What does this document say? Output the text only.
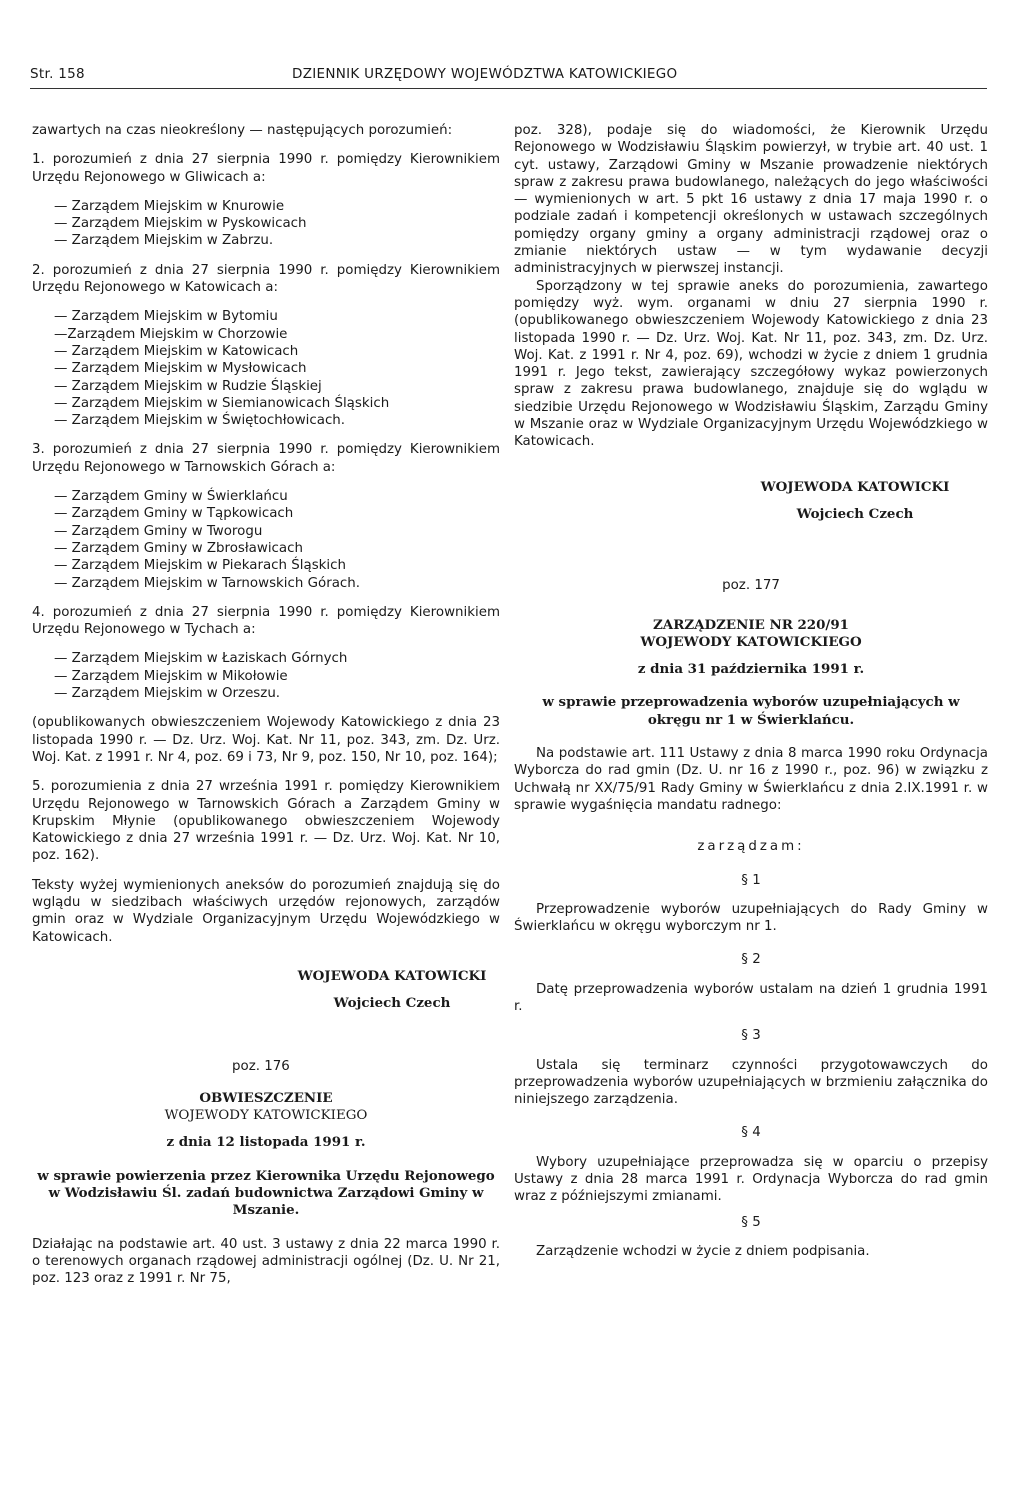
Str. 158	DZIENNIK URZĘDOWY WOJEWÓDZTWA KATOWICKIEGO

zawartych na czas nieokreślony — następujących porozumień:

1. porozumień z dnia 27 sierpnia 1990 r. pomiędzy Kierownikiem Urzędu Rejonowego w Gliwicach a:

— Zarządem Miejskim w Knurowie
— Zarządem Miejskim w Pyskowicach
— Zarządem Miejskim w Zabrzu.

2. porozumień z dnia 27 sierpnia 1990 r. pomiędzy Kierownikiem Urzędu Rejonowego w Katowicach a:

— Zarządem Miejskim w Bytomiu
—Zarządem Miejskim w Chorzowie
— Zarządem Miejskim w Katowicach
— Zarządem Miejskim w Mysłowicach
— Zarządem Miejskim w Rudzie Śląskiej
— Zarządem Miejskim w Siemianowicach Śląskich
— Zarządem Miejskim w Świętochłowicach.

3. porozumień z dnia 27 sierpnia 1990 r. pomiędzy Kierownikiem Urzędu Rejonowego w Tarnowskich Górach a:

— Zarządem Gminy w Świerklańcu
— Zarządem Gminy w Tąpkowicach
— Zarządem Gminy w Tworogu
— Zarządem Gminy w Zbrosławicach
— Zarządem Miejskim w Piekarach Śląskich
— Zarządem Miejskim w Tarnowskich Górach.

4. porozumień z dnia 27 sierpnia 1990 r. pomiędzy Kierownikiem Urzędu Rejonowego w Tychach a:

— Zarządem Miejskim w Łaziskach Górnych
— Zarządem Miejskim w Mikołowie
— Zarządem Miejskim w Orzeszu.

(opublikowanych obwieszczeniem Wojewody Katowickiego z dnia 23 listopada 1990 r. — Dz. Urz. Woj. Kat. Nr 11, poz. 343, zm. Dz. Urz. Woj. Kat. z 1991 r. Nr 4, poz. 69 i 73, Nr 9, poz. 150, Nr 10, poz. 164);

5. porozumienia z dnia 27 września 1991 r. pomiędzy Kierownikiem Urzędu Rejonowego w Tarnowskich Górach a Zarządem Gminy w Krupskim Młynie (opublikowanego obwieszczeniem Wojewody Katowickiego z dnia 27 września 1991 r. — Dz. Urz. Woj. Kat. Nr 10, poz. 162).

Teksty wyżej wymienionych aneksów do porozumień znajdują się do wglądu w siedzibach właściwych urzędów rejonowych, zarządów gmin oraz w Wydziale Organizacyjnym Urzędu Wojewódzkiego w Katowicach.

WOJEWODA KATOWICKI
Wojciech Czech
poz. 176
OBWIESZCZENIE
WOJEWODY KATOWICKIEGO
z dnia 12 listopada 1991 r.

w sprawie powierzenia przez Kierownika Urzędu Rejonowego w Wodzisławiu Śl. zadań budownictwa Zarządowi Gminy w Mszanie.

Działając na podstawie art. 40 ust. 3 ustawy z dnia 22 marca 1990 r. o terenowych organach rządowej administracji ogólnej (Dz. U. Nr 21, poz. 123 oraz z 1991 r. Nr 75,

poz. 328), podaje się do wiadomości, że Kierownik Urzędu Rejonowego w Wodzisławiu Śląskim powierzył, w trybie art. 40 ust. 1 cyt. ustawy, Zarządowi Gminy w Mszanie prowadzenie niektórych spraw z zakresu prawa budowlanego, należących do jego właściwości — wymienionych w art. 5 pkt 16 ustawy z dnia 17 maja 1990 r. o podziale zadań i kompetencji określonych w ustawach szczególnych pomiędzy organy gminy a organy administracji rządowej oraz o zmianie niektórych ustaw — w tym wydawanie decyzji administracyjnych w pierwszej instancji.

Sporządzony w tej sprawie aneks do porozumienia, zawartego pomiędzy wyż. wym. organami w dniu 27 sierpnia 1990 r. (opublikowanego obwieszczeniem Wojewody Katowickiego z dnia 23 listopada 1990 r. — Dz. Urz. Woj. Kat. Nr 11, poz. 343, zm. Dz. Urz. Woj. Kat. z 1991 r. Nr 4, poz. 69), wchodzi w życie z dniem 1 grudnia 1991 r. Jego tekst, zawierający szczegółowy wykaz powierzonych spraw z zakresu prawa budowlanego, znajduje się do wglądu w siedzibie Urzędu Rejonowego w Wodzisławiu Śląskim, Zarządu Gminy w Mszanie oraz w Wydziale Organizacyjnym Urzędu Wojewódzkiego w Katowicach.

WOJEWODA KATOWICKI
Wojciech Czech
poz. 177
ZARZĄDZENIE NR 220/91
WOJEWODY KATOWICKIEGO
z dnia 31 października 1991 r.

w sprawie przeprowadzenia wyborów uzupełniających w okręgu nr 1 w Świerklańcu.

Na podstawie art. 111 Ustawy z dnia 8 marca 1990 roku Ordynacja Wyborcza do rad gmin (Dz. U. nr 16 z 1990 r., poz. 96) w związku z Uchwałą nr XX/75/91 Rady Gminy w Świerklańcu z dnia 2.IX.1991 r. w sprawie wygaśnięcia mandatu radnego:

zarządzam:

§ 1

Przeprowadzenie wyborów uzupełniających do Rady Gminy w Świerklańcu w okręgu wyborczym nr 1.

§ 2

Datę przeprowadzenia wyborów ustalam na dzień 1 grudnia 1991 r.

§ 3

Ustala się terminarz czynności przygotowawczych do przeprowadzenia wyborów uzupełniających w brzmieniu załącznika do niniejszego zarządzenia.

§ 4

Wybory uzupełniające przeprowadza się w oparciu o przepisy Ustawy z dnia 28 marca 1991 r. Ordynacja Wyborcza do rad gmin wraz z późniejszymi zmianami.

§ 5

Zarządzenie wchodzi w życie z dniem podpisania.
